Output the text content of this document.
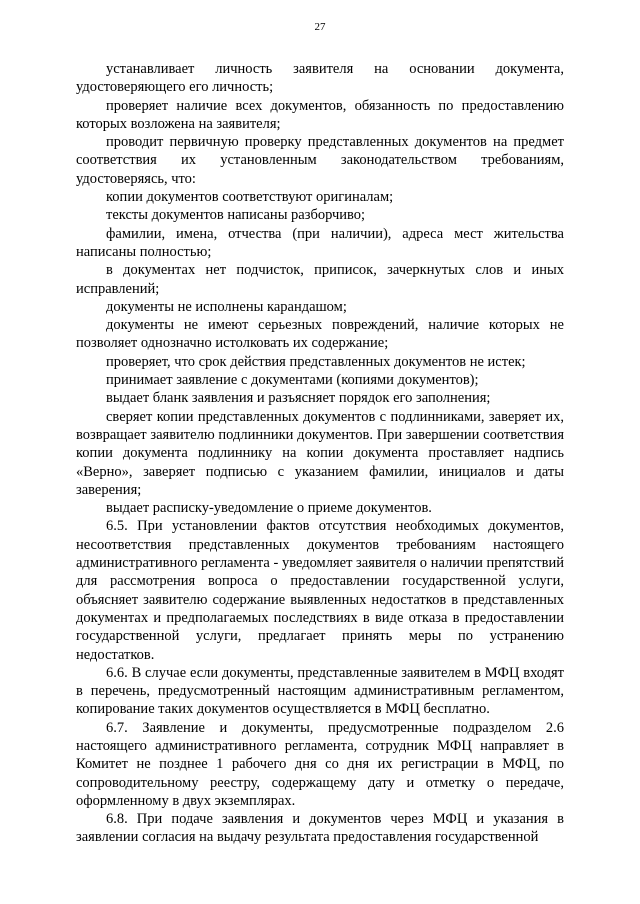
27

устанавливает личность заявителя на основании документа, удостоверяющего его личность;

проверяет наличие всех документов, обязанность по предоставлению которых возложена на заявителя;

проводит первичную проверку представленных документов на предмет соответствия их установленным законодательством требованиям, удостоверяясь, что:

копии документов соответствуют оригиналам;

тексты документов написаны разборчиво;

фамилии, имена, отчества (при наличии), адреса мест жительства написаны полностью;

в документах нет подчисток, приписок, зачеркнутых слов и иных исправлений;

документы не исполнены карандашом;

документы не имеют серьезных повреждений, наличие которых не позволяет однозначно истолковать их содержание;

проверяет, что срок действия представленных документов не истек;

принимает заявление с документами (копиями документов);

выдает бланк заявления и разъясняет порядок его заполнения;

сверяет копии представленных документов с подлинниками, заверяет их, возвращает заявителю подлинники документов. При завершении соответствия копии документа подлиннику на копии документа проставляет надпись «Верно», заверяет подписью с указанием фамилии, инициалов и даты заверения;

выдает расписку-уведомление о приеме документов.

6.5. При установлении фактов отсутствия необходимых документов, несоответствия представленных документов требованиям настоящего административного регламента - уведомляет заявителя о наличии препятствий для рассмотрения вопроса о предоставлении государственной услуги, объясняет заявителю содержание выявленных недостатков в представленных документах и предполагаемых последствиях в виде отказа в предоставлении государственной услуги, предлагает принять меры по устранению недостатков.

6.6. В случае если документы, представленные заявителем в МФЦ входят в перечень, предусмотренный настоящим административным регламентом, копирование таких документов осуществляется в МФЦ бесплатно.

6.7. Заявление и документы, предусмотренные подразделом 2.6 настоящего административного регламента, сотрудник МФЦ направляет в Комитет не позднее 1 рабочего дня со дня их регистрации в МФЦ, по сопроводительному реестру, содержащему дату и отметку о передаче, оформленному в двух экземплярах.

6.8. При подаче заявления и документов через МФЦ и указания в заявлении согласия на выдачу результата предоставления государственной
